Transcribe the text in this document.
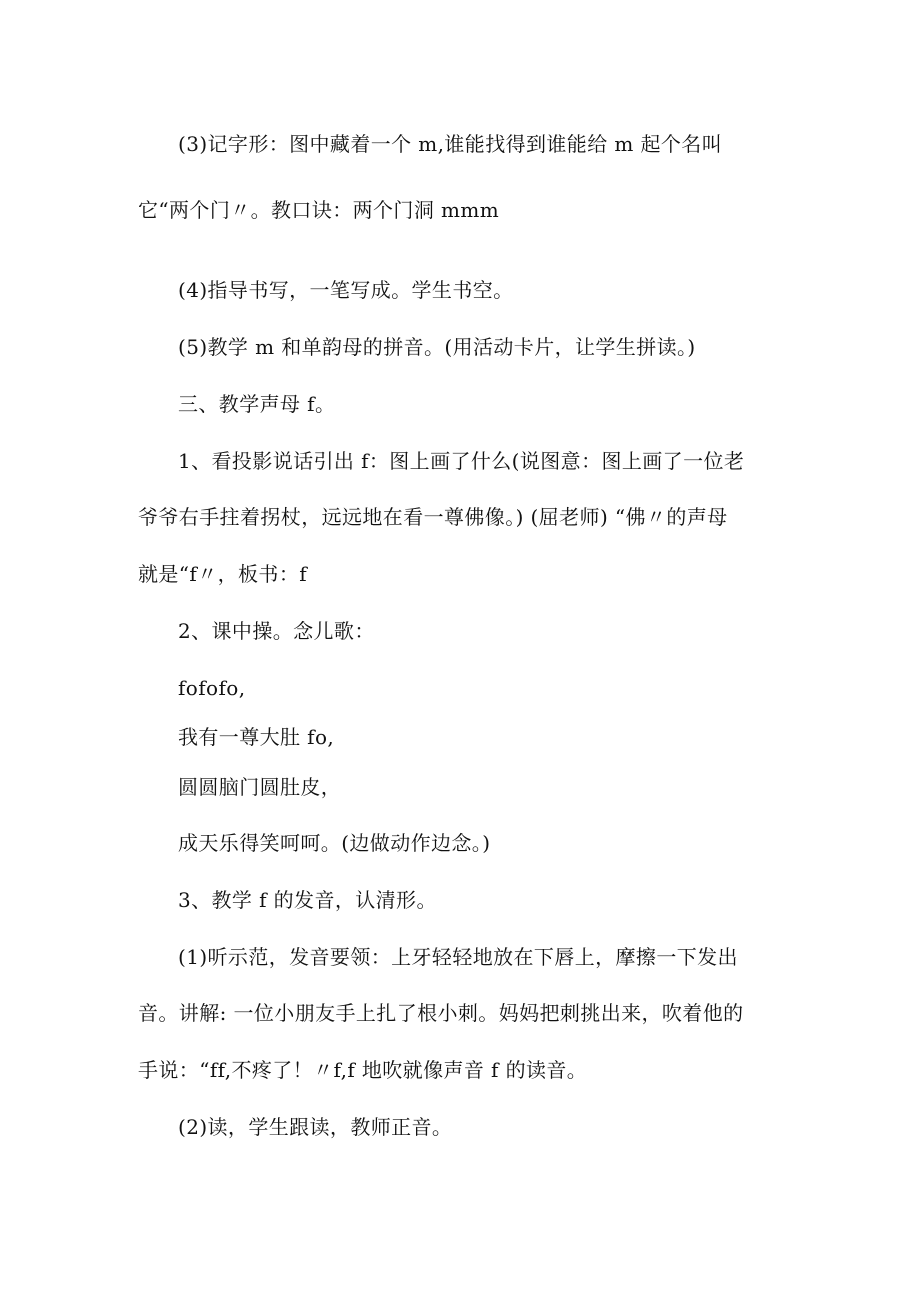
(3)记字形：图中藏着一个 m,谁能找得到谁能给 m 起个名叫
它“两个门〃。教口诀：两个门洞 mmm
(4)指导书写，一笔写成。学生书空。
(5)教学 m 和单韵母的拼音。(用活动卡片，让学生拼读。)
三、教学声母 f。
1、看投影说话引出 f：图上画了什么(说图意：图上画了一位老
爷爷右手拄着拐杖，远远地在看一尊佛像。) (屈老师) “佛〃的声母
就是“f〃，板书：f
2、课中操。念儿歌：
fofofo,
我有一尊大肚 fo,
圆圆脑门圆肚皮，
成天乐得笑呵呵。(边做动作边念。)
3、教学 f 的发音，认清形。
(1)听示范，发音要领：上牙轻轻地放在下唇上，摩擦一下发出
音。讲解: 一位小朋友手上扎了根小刺。妈妈把刺挑出来，吹着他的
手说：“ff,不疼了！〃f,f 地吹就像声音 f 的读音。
(2)读，学生跟读，教师正音。
